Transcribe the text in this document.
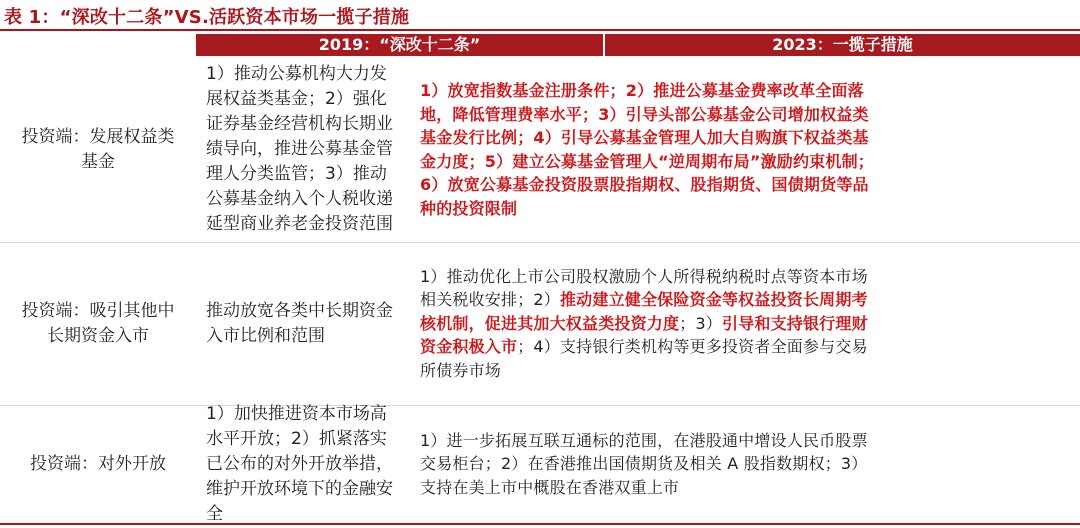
表 1：“深改十二条”VS.活跃资本市场一揽子措施
2019：“深改十二条”	2023：一揽子措施
投资端：发展权益类基金
1）推动公募机构大力发展权益类基金；2）强化证券基金经营机构长期业绩导向，推进公募基金管理人分类监管；3）推动公募基金纳入个人税收递延型商业养老金投资范围
1）放宽指数基金注册条件；2）推进公募基金费率改革全面落地，降低管理费率水平；3）引导头部公募基金公司增加权益类基金发行比例；4）引导公募基金管理人加大自购旗下权益类基金力度；5）建立公募基金管理人“逆周期布局”激励约束机制；6）放宽公募基金投资股票股指期权、股指期货、国债期货等品种的投资限制
投资端：吸引其他中长期资金入市
推动放宽各类中长期资金入市比例和范围
1）推动优化上市公司股权激励个人所得税纳税时点等资本市场相关税收安排；2）推动建立健全保险资金等权益投资长周期考核机制，促进其加大权益类投资力度；3）引导和支持银行理财资金积极入市；4）支持银行类机构等更多投资者全面参与交易所债券市场
投资端：对外开放
1）加快推进资本市场高水平开放；2）抓紧落实已公布的对外开放举措，维护开放环境下的金融安全
1）进一步拓展互联互通标的范围，在港股通中增设人民币股票交易柜台；2）在香港推出国债期货及相关 A 股指数期权；3）支持在美上市中概股在香港双重上市
